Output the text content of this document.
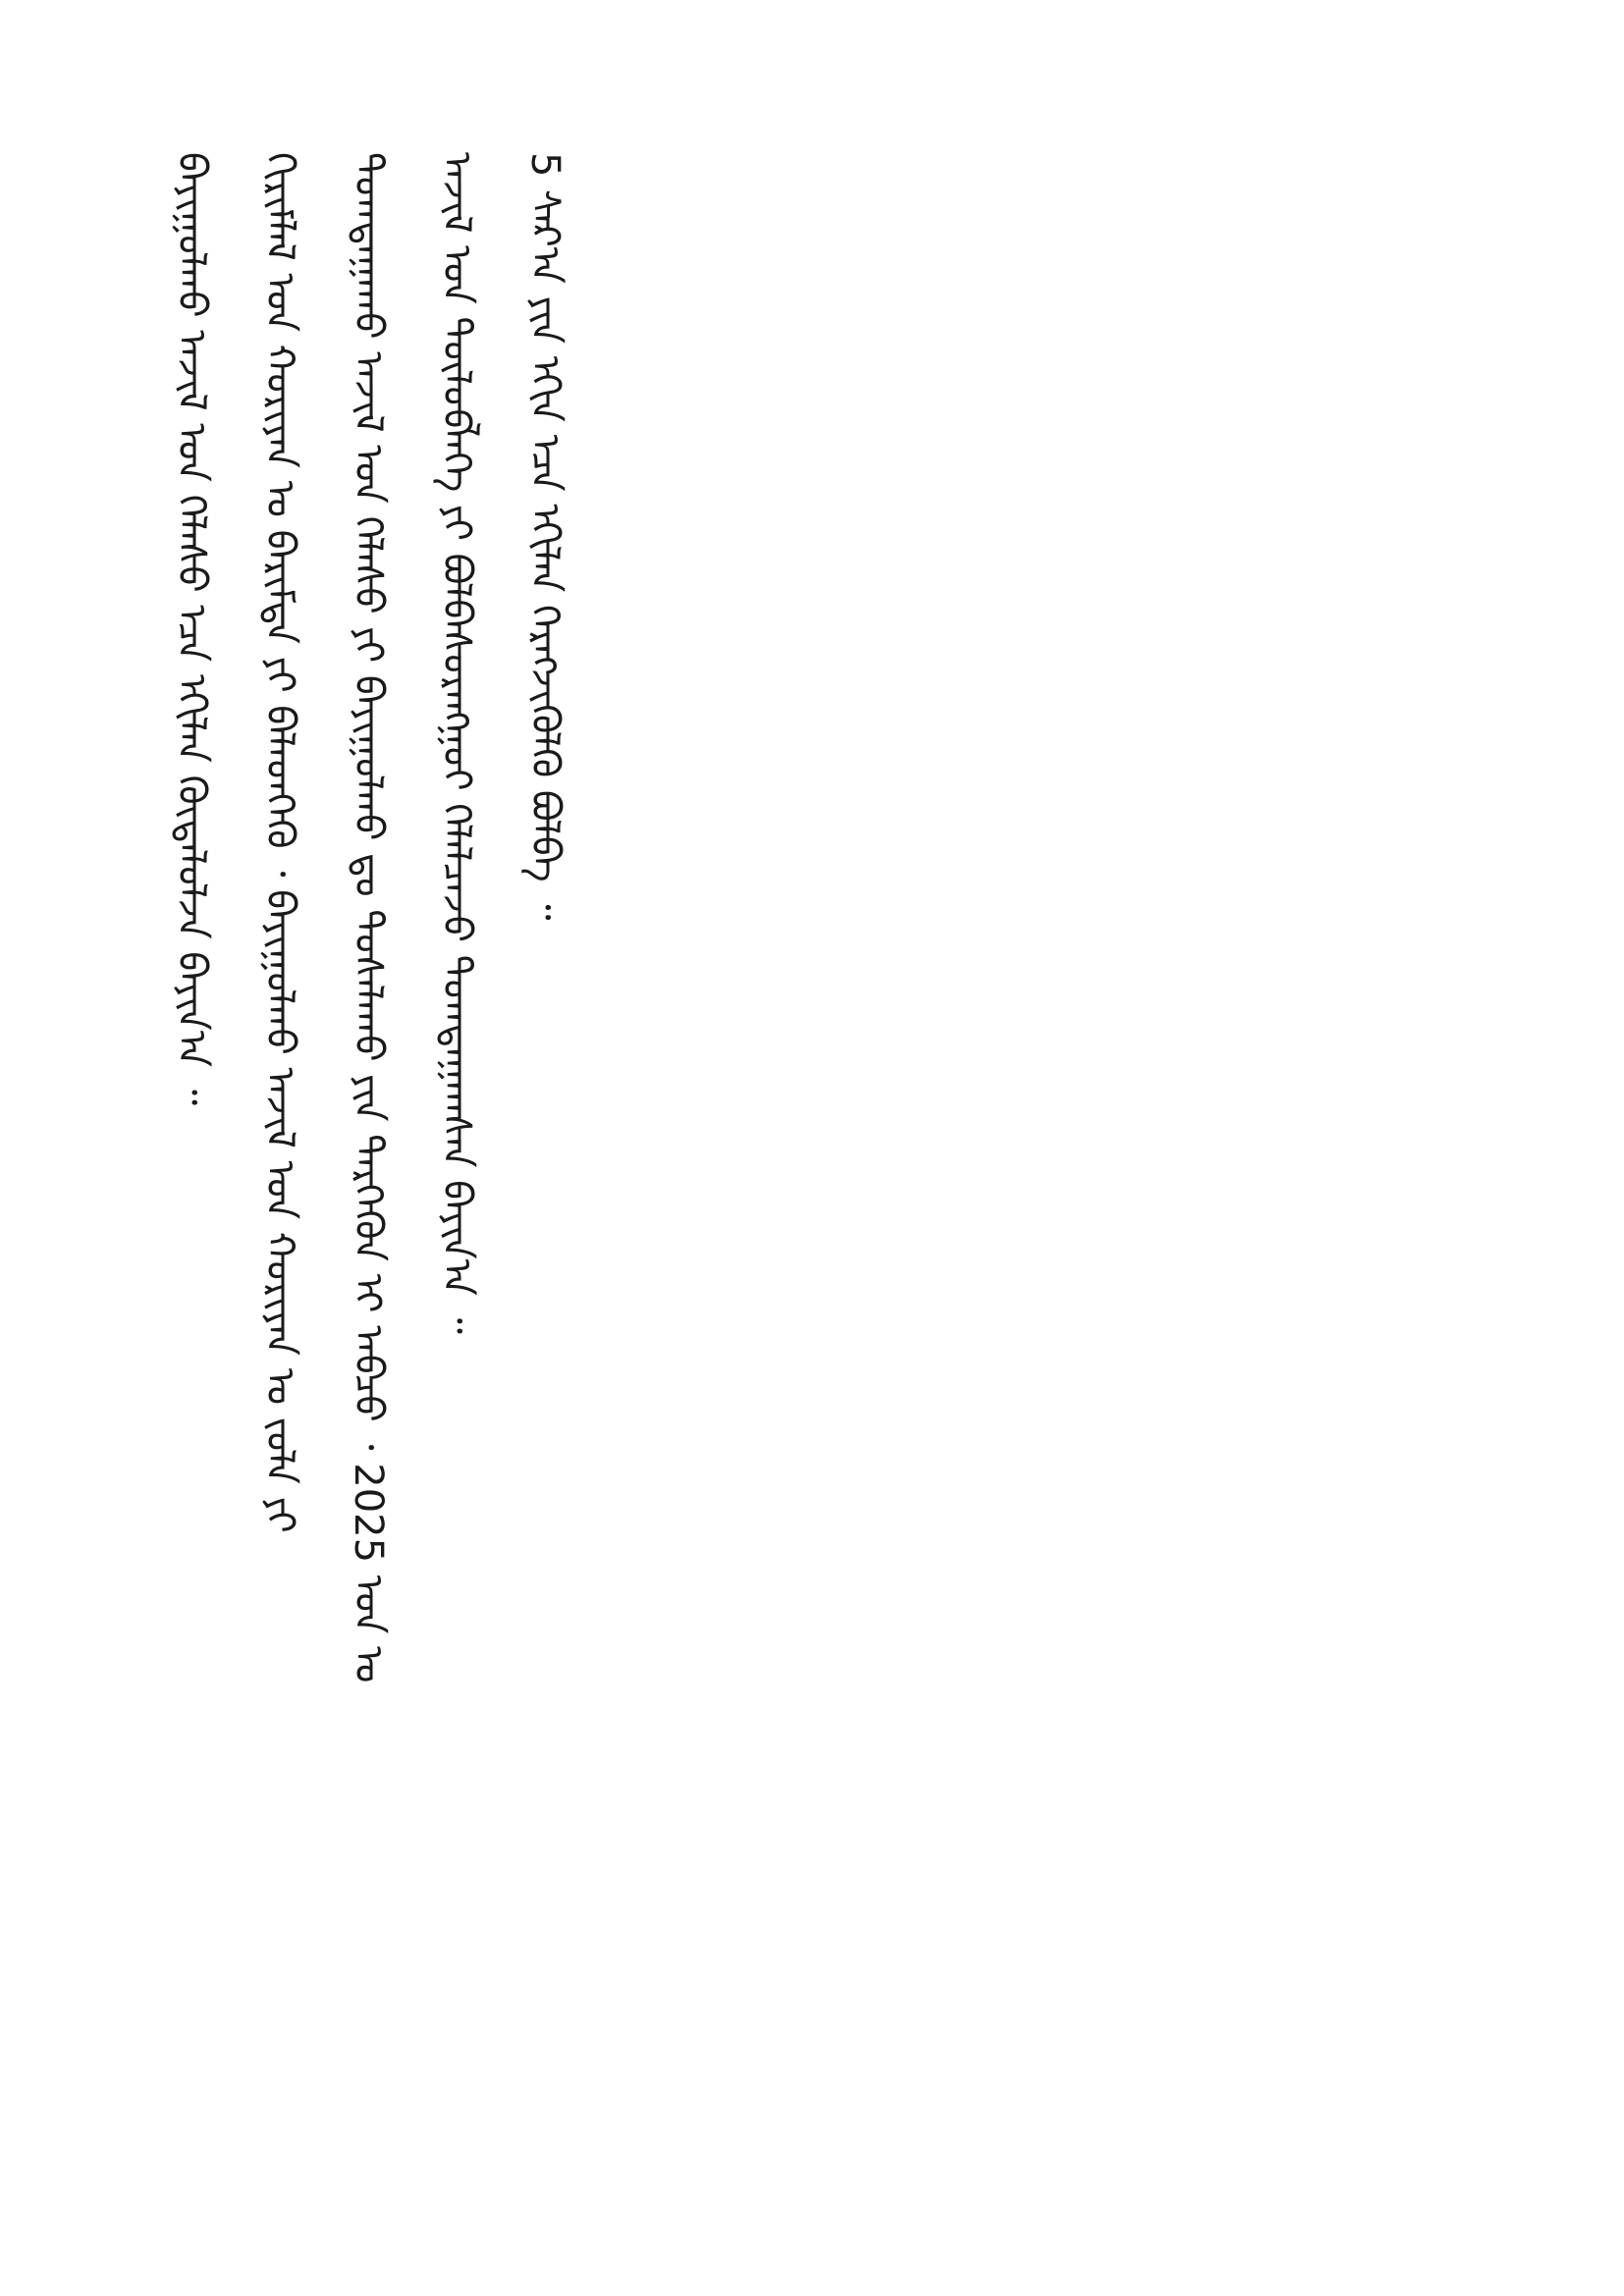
ᠪᠠᠶᠢᠭᠤᠯᠬᠤ ᠠᠵᠢᠯ ᠤᠨ ᠬᠡᠯᠡᠰᠦ ᠡᠴᠡ ᠡᠬᠢᠯᠡᠨ ᠬᠦᠳᠡᠯᠦᠯᠵᠡ ᠪᠠᠶᠢᠨ᠎ᠠ ᠃	ᠬᠢᠷᠢᠮᠯᠠᠯ ᠤᠨ ᠬᠤᠷᠢᠶᠠᠨ ᠤ ᠪᠠᠷᠢᠮᠲᠠ ᠶᠢ ᠪᠡᠯᠡᠳᠬᠡᠬᠦ ᠂ ᠪᠠᠶᠢᠭᠤᠯᠬᠤ ᠠᠵᠢᠯ ᠤᠨ ᠬᠤᠷᠢᠶᠠᠨ ᠤ ᠵᠤᠯᠠ ᠶᠢ	ᠲᠣᠭᠲᠠᠭᠠᠬᠤ ᠠᠵᠢᠯ ᠤᠨ ᠬᠡᠯᠡᠰᠦ ᠶᠢ ᠪᠠᠶᠢᠭᠤᠯᠬᠤ ᠳᠤ ᠲᠤᠰᠠᠯᠠᠬᠤ ᠶᠢᠨ ᠲᠡᠷᠭᠡᠭᠦᠨ ᠢ ᠠᠪᠴᠤ ᠂ 2025 ᠣᠨ ᠤ	ᠠᠵᠢᠯ ᠤᠨ ᠲᠥᠯᠥᠪᠯᠡᠭᠡ ᠶᠢ ᠪᠣᠯᠪᠠᠰᠤᠷᠠᠩᠭᠤᠢ ᠬᠡᠯᠡᠯᠴᠡᠵᠦ ᠲᠣᠭᠲᠠᠭᠠᠭᠰᠠᠨ ᠪᠠᠶᠢᠨ᠎ᠠ ᠃	5 ᠰᠠᠷ᠎ᠠ ᠶᠢᠨ ᠡᠬᠢᠨ ᠡᠴᠡ ᠡᠬᠢᠯᠡᠨ ᠬᠡᠷᠡᠭᠵᠢᠭᠦᠯᠬᠦ ᠪᠣᠯᠪᠠ ᠃
